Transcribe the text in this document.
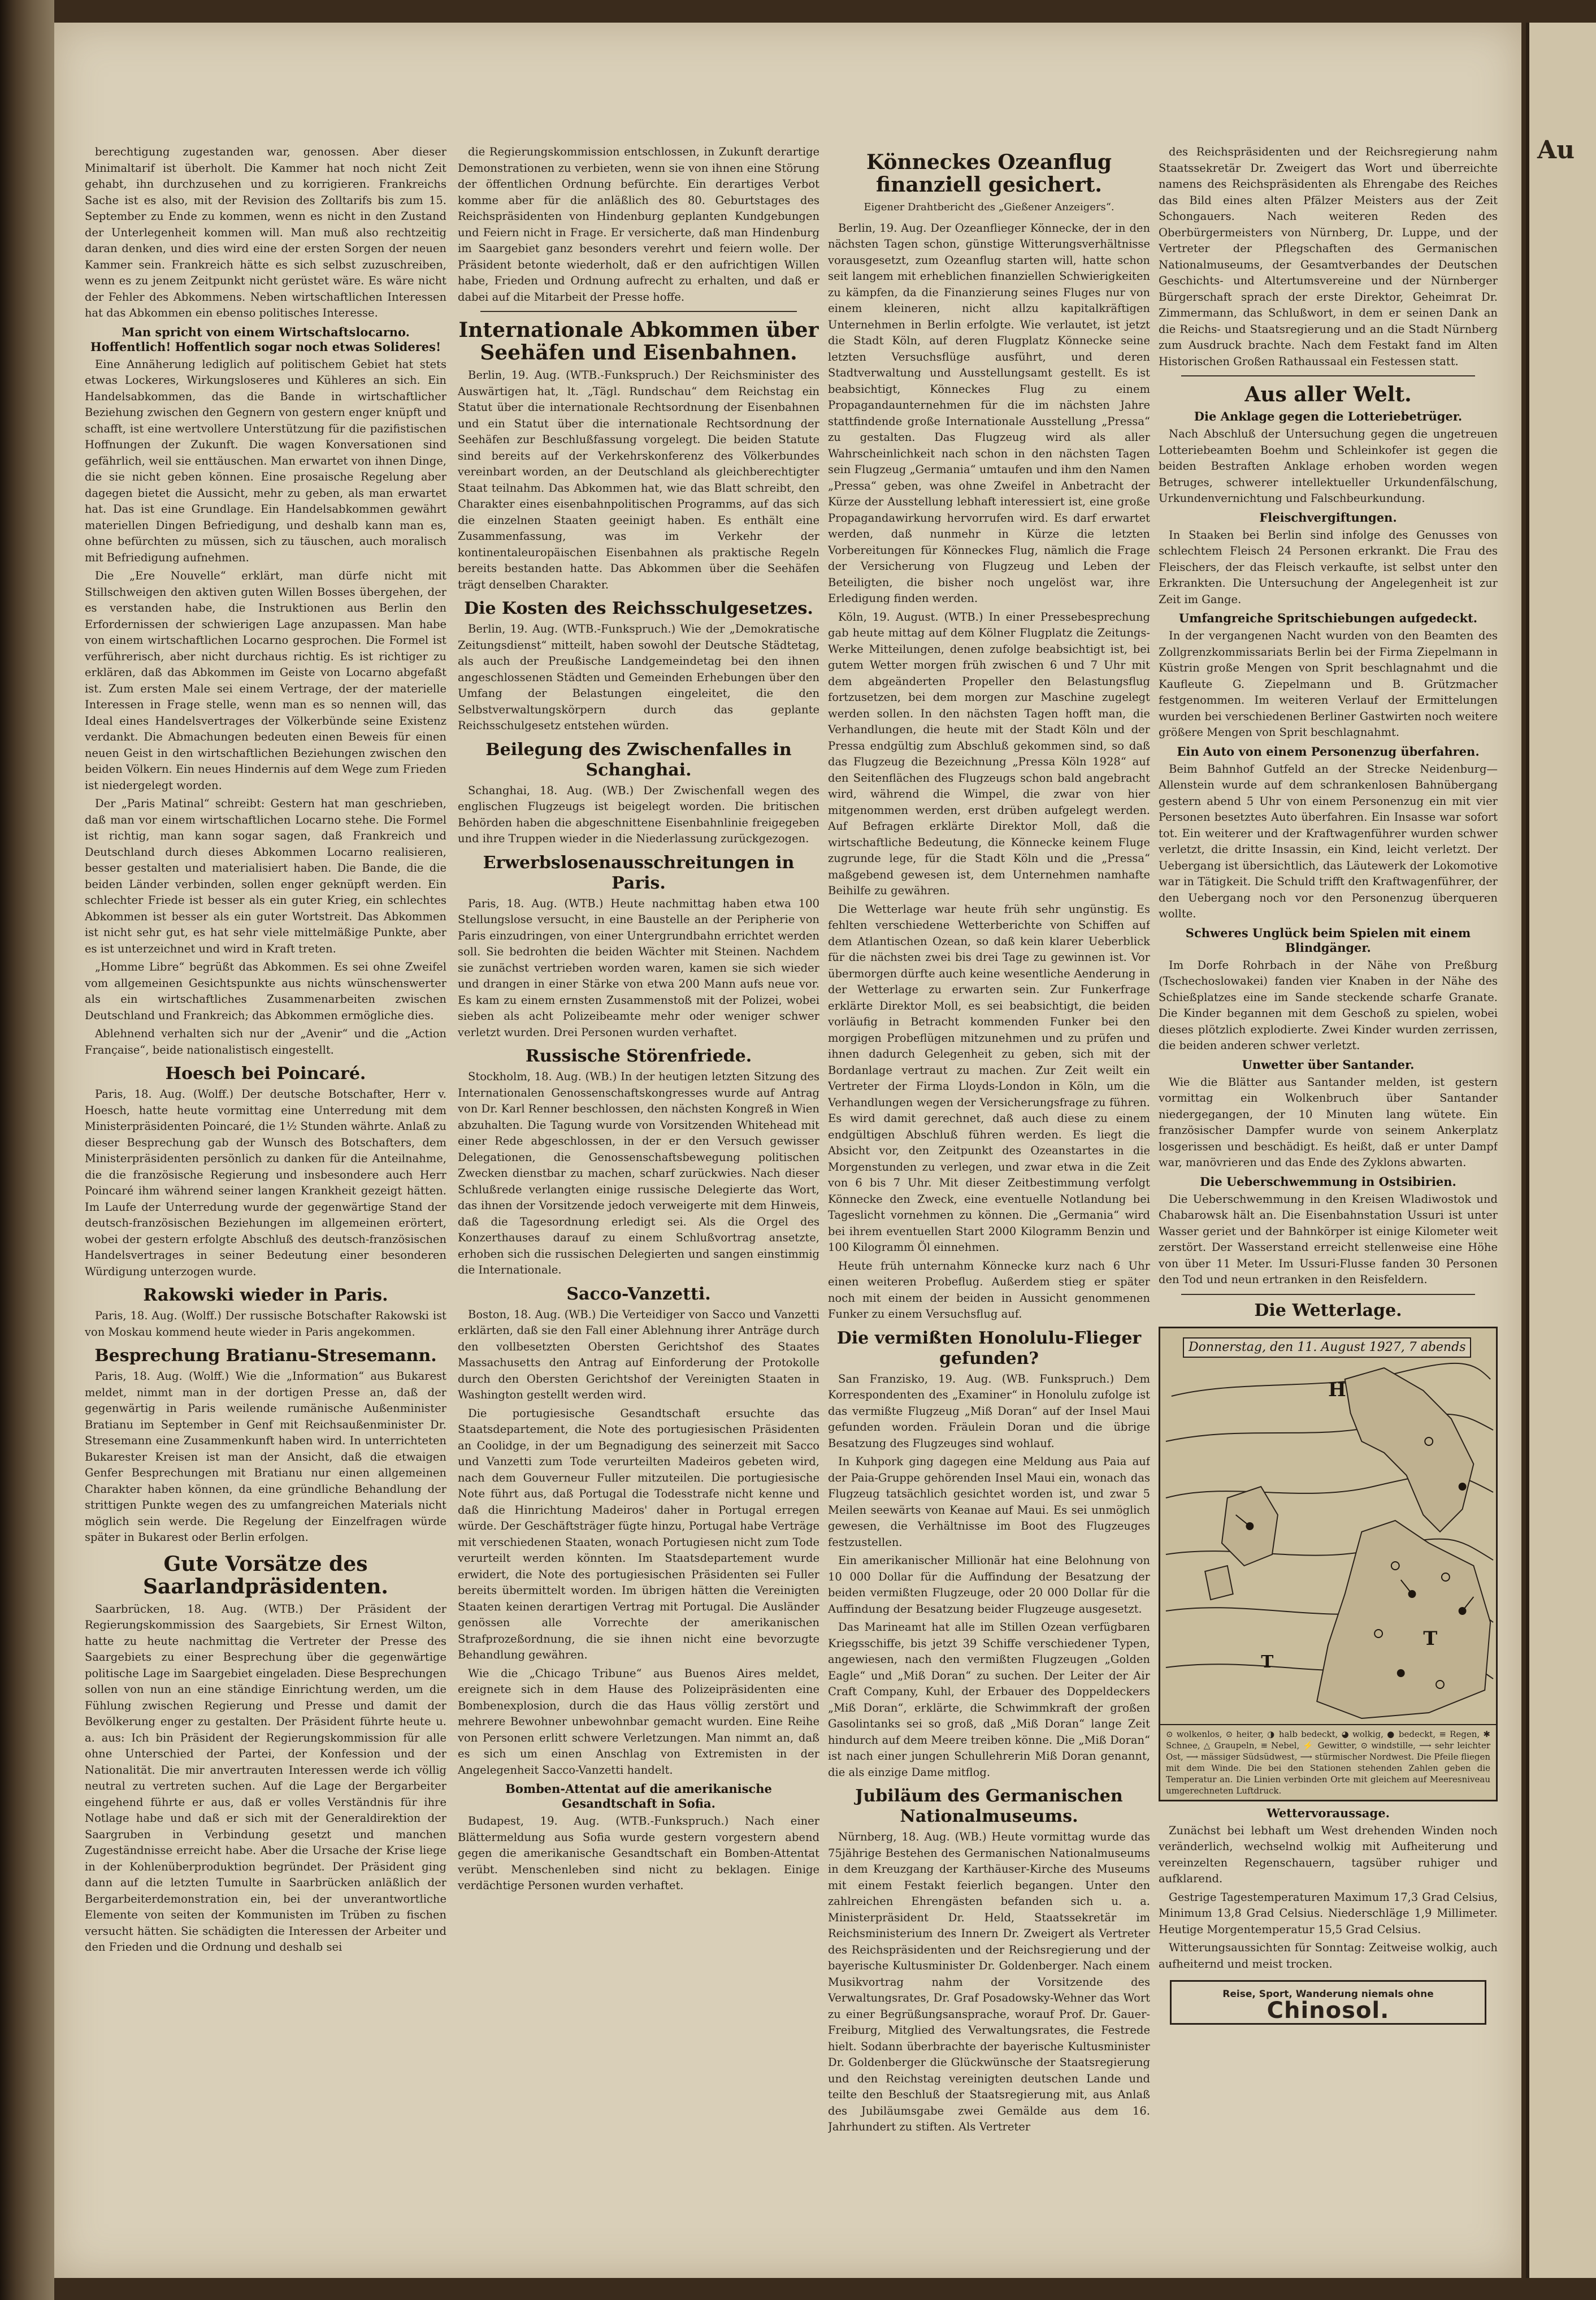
Au

berechtigung zugestanden war, genossen. Aber dieser Minimaltarif ist überholt. Die Kammer hat noch nicht Zeit gehabt, ihn durchzusehen und zu korrigieren. Frankreichs Sache ist es also, mit der Revision des Zolltarifs bis zum 15. September zu Ende zu kommen, wenn es nicht in den Zustand der Unterlegenheit kommen will. Man muß also rechtzeitig daran denken, und dies wird eine der ersten Sorgen der neuen Kammer sein. Frankreich hätte es sich selbst zuzuschreiben, wenn es zu jenem Zeitpunkt nicht gerüstet wäre. Es wäre nicht der Fehler des Abkommens. Neben wirtschaftlichen Interessen hat das Abkommen ein ebenso politisches Interesse.

Man spricht von einem Wirtschaftslocarno. Hoffentlich! Hoffentlich sogar noch etwas Solideres!

Eine Annäherung lediglich auf politischem Gebiet hat stets etwas Lockeres, Wirkungsloseres und Kühleres an sich. Ein Handelsabkommen, das die Bande in wirtschaftlicher Beziehung zwischen den Gegnern von gestern enger knüpft und schafft, ist eine wertvollere Unterstützung für die pazifistischen Hoffnungen der Zukunft. Die wagen Konversationen sind gefährlich, weil sie enttäuschen. Man erwartet von ihnen Dinge, die sie nicht geben können. Eine prosaische Regelung aber dagegen bietet die Aussicht, mehr zu geben, als man erwartet hat. Das ist eine Grundlage. Ein Handelsabkommen gewährt materiellen Dingen Befriedigung, und deshalb kann man es, ohne befürchten zu müssen, sich zu täuschen, auch moralisch mit Befriedigung aufnehmen.

Die „Ere Nouvelle“ erklärt, man dürfe nicht mit Stillschweigen den aktiven guten Willen Bosses übergehen, der es verstanden habe, die Instruktionen aus Berlin den Erfordernissen der schwierigen Lage anzupassen. Man habe von einem wirtschaftlichen Locarno gesprochen. Die Formel ist verführerisch, aber nicht durchaus richtig. Es ist richtiger zu erklären, daß das Abkommen im Geiste von Locarno abgefaßt ist. Zum ersten Male sei einem Vertrage, der der materielle Interessen in Frage stelle, wenn man es so nennen will, das Ideal eines Handelsvertrages der Völkerbünde seine Existenz verdankt. Die Abmachungen bedeuten einen Beweis für einen neuen Geist in den wirtschaftlichen Beziehungen zwischen den beiden Völkern. Ein neues Hindernis auf dem Wege zum Frieden ist niedergelegt worden.

Der „Paris Matinal“ schreibt: Gestern hat man geschrieben, daß man vor einem wirtschaftlichen Locarno stehe. Die Formel ist richtig, man kann sogar sagen, daß Frankreich und Deutschland durch dieses Abkommen Locarno realisieren, besser gestalten und materialisiert haben. Die Bande, die die beiden Länder verbinden, sollen enger geknüpft werden. Ein schlechter Friede ist besser als ein guter Krieg, ein schlechtes Abkommen ist besser als ein guter Wortstreit. Das Abkommen ist nicht sehr gut, es hat sehr viele mittelmäßige Punkte, aber es ist unterzeichnet und wird in Kraft treten.

„Homme Libre“ begrüßt das Abkommen. Es sei ohne Zweifel vom allgemeinen Gesichtspunkte aus nichts wünschenswerter als ein wirtschaftliches Zusammenarbeiten zwischen Deutschland und Frankreich; das Abkommen ermögliche dies.

Ablehnend verhalten sich nur der „Avenir“ und die „Action Française“, beide nationalistisch eingestellt.

Hoesch bei Poincaré.

Paris, 18. Aug. (Wolff.) Der deutsche Botschafter, Herr v. Hoesch, hatte heute vormittag eine Unterredung mit dem Ministerpräsidenten Poincaré, die 1½ Stunden währte. Anlaß zu dieser Besprechung gab der Wunsch des Botschafters, dem Ministerpräsidenten persönlich zu danken für die Anteilnahme, die die französische Regierung und insbesondere auch Herr Poincaré ihm während seiner langen Krankheit gezeigt hätten. Im Laufe der Unterredung wurde der gegenwärtige Stand der deutsch-französischen Beziehungen im allgemeinen erörtert, wobei der gestern erfolgte Abschluß des deutsch-französischen Handelsvertrages in seiner Bedeutung einer besonderen Würdigung unterzogen wurde.

Rakowski wieder in Paris.

Paris, 18. Aug. (Wolff.) Der russische Botschafter Rakowski ist von Moskau kommend heute wieder in Paris angekommen.

Besprechung Bratianu-Stresemann.

Paris, 18. Aug. (Wolff.) Wie die „Information“ aus Bukarest meldet, nimmt man in der dortigen Presse an, daß der gegenwärtig in Paris weilende rumänische Außenminister Bratianu im September in Genf mit Reichsaußenminister Dr. Stresemann eine Zusammenkunft haben wird. In unterrichteten Bukarester Kreisen ist man der Ansicht, daß die etwaigen Genfer Besprechungen mit Bratianu nur einen allgemeinen Charakter haben können, da eine gründliche Behandlung der strittigen Punkte wegen des zu umfangreichen Materials nicht möglich sein werde. Die Regelung der Einzelfragen würde später in Bukarest oder Berlin erfolgen.

Gute Vorsätze des Saarlandpräsidenten.

Saarbrücken, 18. Aug. (WTB.) Der Präsident der Regierungskommission des Saargebiets, Sir Ernest Wilton, hatte zu heute nachmittag die Vertreter der Presse des Saargebiets zu einer Besprechung über die gegenwärtige politische Lage im Saargebiet eingeladen. Diese Besprechungen sollen von nun an eine ständige Einrichtung werden, um die Fühlung zwischen Regierung und Presse und damit der Bevölkerung enger zu gestalten. Der Präsident führte heute u. a. aus: Ich bin Präsident der Regierungskommission für alle ohne Unterschied der Partei, der Konfession und der Nationalität. Die mir anvertrauten Interessen werde ich völlig neutral zu vertreten suchen. Auf die Lage der Bergarbeiter eingehend führte er aus, daß er volles Verständnis für ihre Notlage habe und daß er sich mit der Generaldirektion der Saargruben in Verbindung gesetzt und manchen Zugeständnisse erreicht habe. Aber die Ursache der Krise liege in der Kohlenüberproduktion begründet. Der Präsident ging dann auf die letzten Tumulte in Saarbrücken anläßlich der Bergarbeiterdemonstration ein, bei der unverantwortliche Elemente von seiten der Kommunisten im Trüben zu fischen versucht hätten. Sie schädigten die Interessen der Arbeiter und den Frieden und die Ordnung und deshalb sei

die Regierungskommission entschlossen, in Zukunft derartige Demonstrationen zu verbieten, wenn sie von ihnen eine Störung der öffentlichen Ordnung befürchte. Ein derartiges Verbot komme aber für die anläßlich des 80. Geburtstages des Reichspräsidenten von Hindenburg geplanten Kundgebungen und Feiern nicht in Frage. Er versicherte, daß man Hindenburg im Saargebiet ganz besonders verehrt und feiern wolle. Der Präsident betonte wiederholt, daß er den aufrichtigen Willen habe, Frieden und Ordnung aufrecht zu erhalten, und daß er dabei auf die Mitarbeit der Presse hoffe.

Internationale Abkommen über Seehäfen und Eisenbahnen.

Berlin, 19. Aug. (WTB.-Funkspruch.) Der Reichsminister des Auswärtigen hat, lt. „Tägl. Rundschau“ dem Reichstag ein Statut über die internationale Rechtsordnung der Eisenbahnen und ein Statut über die internationale Rechtsordnung der Seehäfen zur Beschlußfassung vorgelegt. Die beiden Statute sind bereits auf der Verkehrskonferenz des Völkerbundes vereinbart worden, an der Deutschland als gleichberechtigter Staat teilnahm. Das Abkommen hat, wie das Blatt schreibt, den Charakter eines eisenbahnpolitischen Programms, auf das sich die einzelnen Staaten geeinigt haben. Es enthält eine Zusammenfassung, was im Verkehr der kontinentaleuropäischen Eisenbahnen als praktische Regeln bereits bestanden hatte. Das Abkommen über die Seehäfen trägt denselben Charakter.

Die Kosten des Reichsschulgesetzes.

Berlin, 19. Aug. (WTB.-Funkspruch.) Wie der „Demokratische Zeitungsdienst“ mitteilt, haben sowohl der Deutsche Städtetag, als auch der Preußische Landgemeindetag bei den ihnen angeschlossenen Städten und Gemeinden Erhebungen über den Umfang der Belastungen eingeleitet, die den Selbstverwaltungskörpern durch das geplante Reichsschulgesetz entstehen würden.

Beilegung des Zwischenfalles in Schanghai.

Schanghai, 18. Aug. (WB.) Der Zwischenfall wegen des englischen Flugzeugs ist beigelegt worden. Die britischen Behörden haben die abgeschnittene Eisenbahnlinie freigegeben und ihre Truppen wieder in die Niederlassung zurückgezogen.

Erwerbslosenausschreitungen in Paris.

Paris, 18. Aug. (WTB.) Heute nachmittag haben etwa 100 Stellungslose versucht, in eine Baustelle an der Peripherie von Paris einzudringen, von einer Untergrundbahn errichtet werden soll. Sie bedrohten die beiden Wächter mit Steinen. Nachdem sie zunächst vertrieben worden waren, kamen sie sich wieder und drangen in einer Stärke von etwa 200 Mann aufs neue vor. Es kam zu einem ernsten Zusammenstoß mit der Polizei, wobei sieben als acht Polizeibeamte mehr oder weniger schwer verletzt wurden. Drei Personen wurden verhaftet.

Russische Störenfriede.

Stockholm, 18. Aug. (WB.) In der heutigen letzten Sitzung des Internationalen Genossenschaftskongresses wurde auf Antrag von Dr. Karl Renner beschlossen, den nächsten Kongreß in Wien abzuhalten. Die Tagung wurde von Vorsitzenden Whitehead mit einer Rede abgeschlossen, in der er den Versuch gewisser Delegationen, die Genossenschaftsbewegung politischen Zwecken dienstbar zu machen, scharf zurückwies. Nach dieser Schlußrede verlangten einige russische Delegierte das Wort, das ihnen der Vorsitzende jedoch verweigerte mit dem Hinweis, daß die Tagesordnung erledigt sei. Als die Orgel des Konzerthauses darauf zu einem Schlußvortrag ansetzte, erhoben sich die russischen Delegierten und sangen einstimmig die Internationale.

Sacco-Vanzetti.

Boston, 18. Aug. (WB.) Die Verteidiger von Sacco und Vanzetti erklärten, daß sie den Fall einer Ablehnung ihrer Anträge durch den vollbesetzten Obersten Gerichtshof des Staates Massachusetts den Antrag auf Einforderung der Protokolle durch den Obersten Gerichtshof der Vereinigten Staaten in Washington gestellt werden wird.

Die portugiesische Gesandtschaft ersuchte das Staatsdepartement, die Note des portugiesischen Präsidenten an Coolidge, in der um Begnadigung des seinerzeit mit Sacco und Vanzetti zum Tode verurteilten Madeiros gebeten wird, nach dem Gouverneur Fuller mitzuteilen. Die portugiesische Note führt aus, daß Portugal die Todesstrafe nicht kenne und daß die Hinrichtung Madeiros' daher in Portugal erregen würde. Der Geschäftsträger fügte hinzu, Portugal habe Verträge mit verschiedenen Staaten, wonach Portugiesen nicht zum Tode verurteilt werden könnten. Im Staatsdepartement wurde erwidert, die Note des portugiesischen Präsidenten sei Fuller bereits übermittelt worden. Im übrigen hätten die Vereinigten Staaten keinen derartigen Vertrag mit Portugal. Die Ausländer genössen alle Vorrechte der amerikanischen Strafprozeßordnung, die sie ihnen nicht eine bevorzugte Behandlung gewähren.

Wie die „Chicago Tribune“ aus Buenos Aires meldet, ereignete sich in dem Hause des Polizeipräsidenten eine Bombenexplosion, durch die das Haus völlig zerstört und mehrere Bewohner unbewohnbar gemacht wurden. Eine Reihe von Personen erlitt schwere Verletzungen. Man nimmt an, daß es sich um einen Anschlag von Extremisten in der Angelegenheit Sacco-Vanzetti handelt.

Bomben-Attentat auf die amerikanische Gesandtschaft in Sofia.

Budapest, 19. Aug. (WTB.-Funkspruch.) Nach einer Blättermeldung aus Sofia wurde gestern vorgestern abend gegen die amerikanische Gesandtschaft ein Bomben-Attentat verübt. Menschenleben sind nicht zu beklagen. Einige verdächtige Personen wurden verhaftet.

Könneckes Ozeanflug finanziell gesichert.
Eigener Drahtbericht des „Gießener Anzeigers“.

Berlin, 19. Aug. Der Ozeanflieger Könnecke, der in den nächsten Tagen schon, günstige Witterungsverhältnisse vorausgesetzt, zum Ozeanflug starten will, hatte schon seit langem mit erheblichen finanziellen Schwierigkeiten zu kämpfen, da die Finanzierung seines Fluges nur von einem kleineren, nicht allzu kapitalkräftigen Unternehmen in Berlin erfolgte. Wie verlautet, ist jetzt die Stadt Köln, auf deren Flugplatz Könnecke seine letzten Versuchsflüge ausführt, und deren Stadtverwaltung und Ausstellungsamt gestellt. Es ist beabsichtigt, Könneckes Flug zu einem Propagandaunternehmen für die im nächsten Jahre stattfindende große Internationale Ausstellung „Pressa“ zu gestalten. Das Flugzeug wird als aller Wahrscheinlichkeit nach schon in den nächsten Tagen sein Flugzeug „Germania“ umtaufen und ihm den Namen „Pressa“ geben, was ohne Zweifel in Anbetracht der Kürze der Ausstellung lebhaft interessiert ist, eine große Propagandawirkung hervorrufen wird. Es darf erwartet werden, daß nunmehr in Kürze die letzten Vorbereitungen für Könneckes Flug, nämlich die Frage der Versicherung von Flugzeug und Leben der Beteiligten, die bisher noch ungelöst war, ihre Erledigung finden werden.

Köln, 19. August. (WTB.) In einer Pressebesprechung gab heute mittag auf dem Kölner Flugplatz die Zeitungs-Werke Mitteilungen, denen zufolge beabsichtigt ist, bei gutem Wetter morgen früh zwischen 6 und 7 Uhr mit dem abgeänderten Propeller den Belastungsflug fortzusetzen, bei dem morgen zur Maschine zugelegt werden sollen. In den nächsten Tagen hofft man, die Verhandlungen, die heute mit der Stadt Köln und der Pressa endgültig zum Abschluß gekommen sind, so daß das Flugzeug die Bezeichnung „Pressa Köln 1928“ auf den Seitenflächen des Flugzeugs schon bald angebracht wird, während die Wimpel, die zwar von hier mitgenommen werden, erst drüben aufgelegt werden. Auf Befragen erklärte Direktor Moll, daß die wirtschaftliche Bedeutung, die Könnecke keinem Fluge zugrunde lege, für die Stadt Köln und die „Pressa“ maßgebend gewesen ist, dem Unternehmen namhafte Beihilfe zu gewähren.

Die Wetterlage war heute früh sehr ungünstig. Es fehlten verschiedene Wetterberichte von Schiffen auf dem Atlantischen Ozean, so daß kein klarer Ueberblick für die nächsten zwei bis drei Tage zu gewinnen ist. Vor übermorgen dürfte auch keine wesentliche Aenderung in der Wetterlage zu erwarten sein. Zur Funkerfrage erklärte Direktor Moll, es sei beabsichtigt, die beiden vorläufig in Betracht kommenden Funker bei den morgigen Probeflügen mitzunehmen und zu prüfen und ihnen dadurch Gelegenheit zu geben, sich mit der Bordanlage vertraut zu machen. Zur Zeit weilt ein Vertreter der Firma Lloyds-London in Köln, um die Verhandlungen wegen der Versicherungsfrage zu führen. Es wird damit gerechnet, daß auch diese zu einem endgültigen Abschluß führen werden. Es liegt die Absicht vor, den Zeitpunkt des Ozeanstartes in die Morgenstunden zu verlegen, und zwar etwa in die Zeit von 6 bis 7 Uhr. Mit dieser Zeitbestimmung verfolgt Könnecke den Zweck, eine eventuelle Notlandung bei Tageslicht vornehmen zu können. Die „Germania“ wird bei ihrem eventuellen Start 2000 Kilogramm Benzin und 100 Kilogramm Öl einnehmen.

Heute früh unternahm Könnecke kurz nach 6 Uhr einen weiteren Probeflug. Außerdem stieg er später noch mit einem der beiden in Aussicht genommenen Funker zu einem Versuchsflug auf.

Die vermißten Honolulu-Flieger gefunden?

San Franzisko, 19. Aug. (WB. Funkspruch.) Dem Korrespondenten des „Examiner“ in Honolulu zufolge ist das vermißte Flugzeug „Miß Doran“ auf der Insel Maui gefunden worden. Fräulein Doran und die übrige Besatzung des Flugzeuges sind wohlauf.

In Kuhpork ging dagegen eine Meldung aus Paia auf der Paia-Gruppe gehörenden Insel Maui ein, wonach das Flugzeug tatsächlich gesichtet worden ist, und zwar 5 Meilen seewärts von Keanae auf Maui. Es sei unmöglich gewesen, die Verhältnisse im Boot des Flugzeuges festzustellen.

Ein amerikanischer Millionär hat eine Belohnung von 10 000 Dollar für die Auffindung der Besatzung der beiden vermißten Flugzeuge, oder 20 000 Dollar für die Auffindung der Besatzung beider Flugzeuge ausgesetzt.

Das Marineamt hat alle im Stillen Ozean verfügbaren Kriegsschiffe, bis jetzt 39 Schiffe verschiedener Typen, angewiesen, nach den vermißten Flugzeugen „Golden Eagle“ und „Miß Doran“ zu suchen. Der Leiter der Air Craft Company, Kuhl, der Erbauer des Doppeldeckers „Miß Doran“, erklärte, die Schwimmkraft der großen Gasolintanks sei so groß, daß „Miß Doran“ lange Zeit hindurch auf dem Meere treiben könne. Die „Miß Doran“ ist nach einer jungen Schullehrerin Miß Doran genannt, die als einzige Dame mitflog.

Jubiläum des Germanischen Nationalmuseums.

Nürnberg, 18. Aug. (WB.) Heute vormittag wurde das 75jährige Bestehen des Germanischen Nationalmuseums in dem Kreuzgang der Karthäuser-Kirche des Museums mit einem Festakt feierlich begangen. Unter den zahlreichen Ehrengästen befanden sich u. a. Ministerpräsident Dr. Held, Staatssekretär im Reichsministerium des Innern Dr. Zweigert als Vertreter des Reichspräsidenten und der Reichsregierung und der bayerische Kultusminister Dr. Goldenberger. Nach einem Musikvortrag nahm der Vorsitzende des Verwaltungsrates, Dr. Graf Posadowsky-Wehner das Wort zu einer Begrüßungsansprache, worauf Prof. Dr. Gauer-Freiburg, Mitglied des Verwaltungsrates, die Festrede hielt. Sodann überbrachte der bayerische Kultusminister Dr. Goldenberger die Glückwünsche der Staatsregierung und den Reichstag vereinigten deutschen Lande und teilte den Beschluß der Staatsregierung mit, aus Anlaß des Jubiläumsgabe zwei Gemälde aus dem 16. Jahrhundert zu stiften. Als Vertreter

des Reichspräsidenten und der Reichsregierung nahm Staatssekretär Dr. Zweigert das Wort und überreichte namens des Reichspräsidenten als Ehrengabe des Reiches das Bild eines alten Pfälzer Meisters aus der Zeit Schongauers. Nach weiteren Reden des Oberbürgermeisters von Nürnberg, Dr. Luppe, und der Vertreter der Pflegschaften des Germanischen Nationalmuseums, der Gesamtverbandes der Deutschen Geschichts- und Altertumsvereine und der Nürnberger Bürgerschaft sprach der erste Direktor, Geheimrat Dr. Zimmermann, das Schlußwort, in dem er seinen Dank an die Reichs- und Staatsregierung und an die Stadt Nürnberg zum Ausdruck brachte. Nach dem Festakt fand im Alten Historischen Großen Rathaussaal ein Festessen statt.

Aus aller Welt.
Die Anklage gegen die Lotteriebetrüger.

Nach Abschluß der Untersuchung gegen die ungetreuen Lotteriebeamten Boehm und Schleinkofer ist gegen die beiden Bestraften Anklage erhoben worden wegen Betruges, schwerer intellektueller Urkundenfälschung, Urkundenvernichtung und Falschbeurkundung.

Fleischvergiftungen.

In Staaken bei Berlin sind infolge des Genusses von schlechtem Fleisch 24 Personen erkrankt. Die Frau des Fleischers, der das Fleisch verkaufte, ist selbst unter den Erkrankten. Die Untersuchung der Angelegenheit ist zur Zeit im Gange.

Umfangreiche Spritschiebungen aufgedeckt.

In der vergangenen Nacht wurden von den Beamten des Zollgrenzkommissariats Berlin bei der Firma Ziepelmann in Küstrin große Mengen von Sprit beschlagnahmt und die Kaufleute G. Ziepelmann und B. Grützmacher festgenommen. Im weiteren Verlauf der Ermittelungen wurden bei verschiedenen Berliner Gastwirten noch weitere größere Mengen von Sprit beschlagnahmt.

Ein Auto von einem Personenzug überfahren.

Beim Bahnhof Gutfeld an der Strecke Neidenburg—Allenstein wurde auf dem schrankenlosen Bahnübergang gestern abend 5 Uhr von einem Personenzug ein mit vier Personen besetztes Auto überfahren. Ein Insasse war sofort tot. Ein weiterer und der Kraftwagenführer wurden schwer verletzt, die dritte Insassin, ein Kind, leicht verletzt. Der Uebergang ist übersichtlich, das Läutewerk der Lokomotive war in Tätigkeit. Die Schuld trifft den Kraftwagenführer, der den Uebergang noch vor den Personenzug überqueren wollte.

Schweres Unglück beim Spielen mit einem Blindgänger.

Im Dorfe Rohrbach in der Nähe von Preßburg (Tschechoslowakei) fanden vier Knaben in der Nähe des Schießplatzes eine im Sande steckende scharfe Granate. Die Kinder begannen mit dem Geschoß zu spielen, wobei dieses plötzlich explodierte. Zwei Kinder wurden zerrissen, die beiden anderen schwer verletzt.

Unwetter über Santander.

Wie die Blätter aus Santander melden, ist gestern vormittag ein Wolkenbruch über Santander niedergegangen, der 10 Minuten lang wütete. Ein französischer Dampfer wurde von seinem Ankerplatz losgerissen und beschädigt. Es heißt, daß er unter Dampf war, manövrieren und das Ende des Zyklons abwarten.

Die Ueberschwemmung in Ostsibirien.

Die Ueberschwemmung in den Kreisen Wladiwostok und Chabarowsk hält an. Die Eisenbahnstation Ussuri ist unter Wasser geriet und der Bahnkörper ist einige Kilometer weit zerstört. Der Wasserstand erreicht stellenweise eine Höhe von über 11 Meter. Im Ussuri-Flusse fanden 30 Personen den Tod und neun ertranken in den Reisfeldern.

Die Wetterlage.
H
T
T
Donnerstag, den 11. August 1927, 7 abends
⊙ wolkenlos, ⊙ heiter, ◑ halb bedeckt, ◕ wolkig, ● bedeckt, ≡ Regen, ✱ Schnee, △ Graupeln, ≡ Nebel, ⚡ Gewitter, ⊙ windstille, ⟶ sehr leichter Ost, ⟶ mässiger Südsüdwest, ⟶ stürmischer Nordwest. Die Pfeile fliegen mit dem Winde. Die bei den Stationen stehenden Zahlen geben die Temperatur an. Die Linien verbinden Orte mit gleichem auf Meeresniveau umgerechneten Luftdruck.
Wettervoraussage.

Zunächst bei lebhaft um West drehenden Winden noch veränderlich, wechselnd wolkig mit Aufheiterung und vereinzelten Regenschauern, tagsüber ruhiger und aufklarend.

Gestrige Tagestemperaturen Maximum 17,3 Grad Celsius, Minimum 13,8 Grad Celsius. Niederschläge 1,9 Millimeter. Heutige Morgentemperatur 15,5 Grad Celsius.

Witterungsaussichten für Sonntag: Zeitweise wolkig, auch aufheiternd und meist trocken.

Reise, Sport, Wanderung niemals ohne
Chinosol.
